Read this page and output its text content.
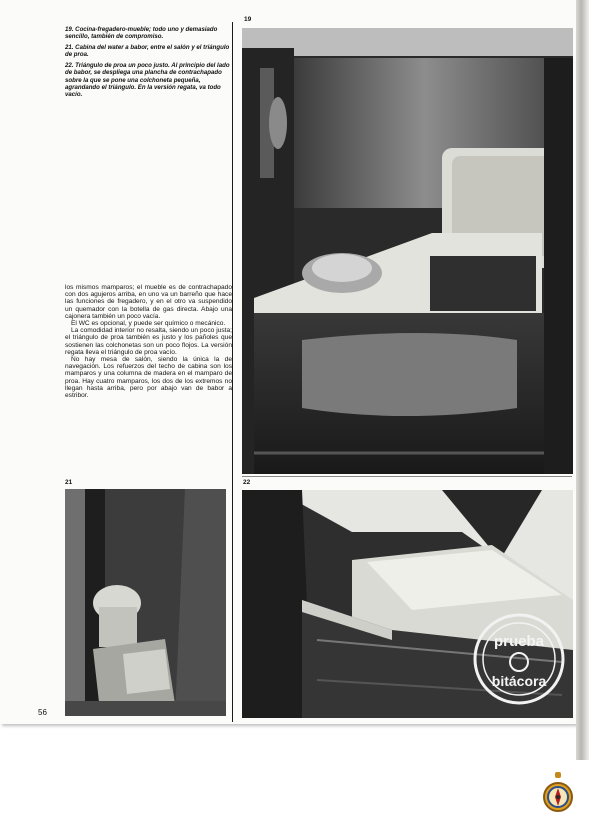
19. Cocina-fregadero-mueble; todo uno y demasiado sencillo, también de compromiso.

21. Cabina del water a babor, entre el salón y el triángulo de proa.

22. Triángulo de proa un poco justo. Al principio del lado de babor, se despliega una plancha de contrachapado sobre la que se pone una colchoneta pequeña, agrandando el triángulo. En la versión regata, va todo vacío.

los mismos mamparos; el mueble es de contrachapado con dos agujeros arriba, en uno va un barreño que hace las funciones de fregadero, y en el otro va suspendido un quemador con la botella de gas directa. Abajo una cajonera también un poco vacía.

El WC es opcional, y puede ser químico o mecánico.

La comodidad interior no resalta, siendo un poco justa; el triángulo de proa también es justo y los pañoles que sostienen las colchonetas son un poco flojos. La versión regata lleva el triángulo de proa vacío.

No hay mesa de salón, siendo la única la de navegación. Los refuerzos del techo de cabina son los mamparos y una columna de madera en el mamparo de proa. Hay cuatro mamparos, los dos de los extremos no llegan hasta arriba, pero por abajo van de babor a estribor.

19
21	22
prueba
bitácora
56
